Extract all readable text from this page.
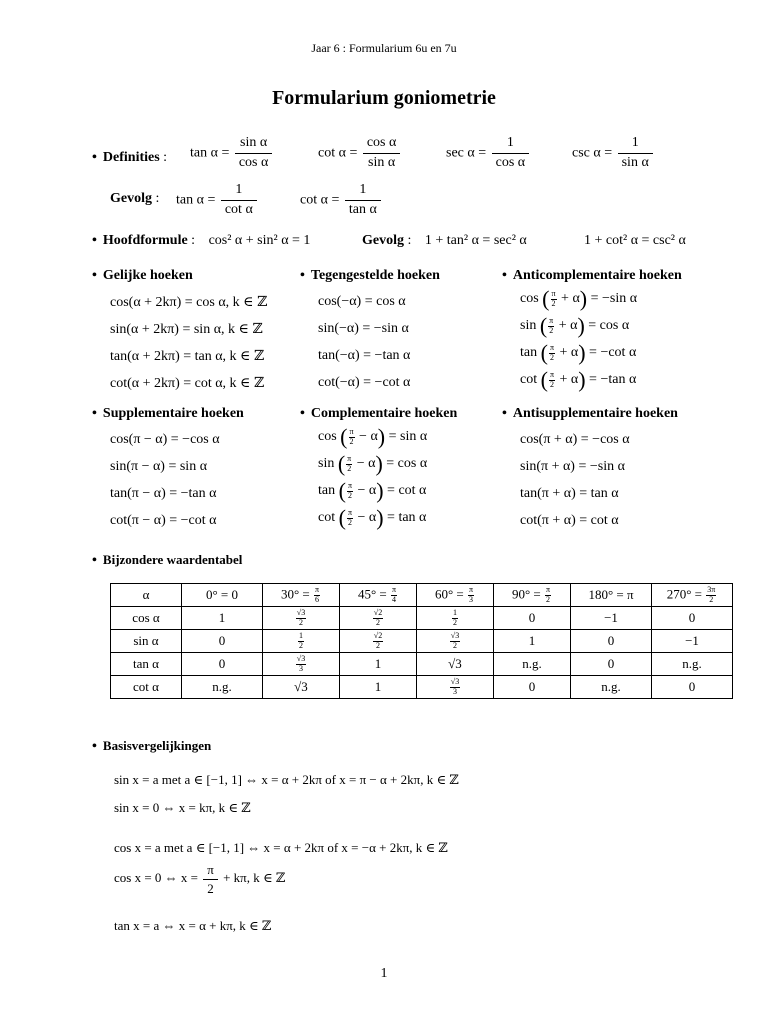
Jaar 6 : Formularium 6u en 7u
Formularium goniometrie
• Definities : $\tan \alpha = \frac{\text{sin α}}{\text{cos α}}$	$\cot \alpha = \frac{\text{cos α}}{\text{sin α}}$	$\sec \alpha = \frac{1}{\text{cos α}}$	$\csc \alpha = \frac{1}{\text{sin α}}$
Gevolg : $\tan \alpha = \frac{1}{\text{cot α}}$	$\cot \alpha = \frac{1}{\text{tan α}}$
• Hoofdformule : cos² α + sin² α = 1	Gevolg : 1 + tan² α = sec² α	1 + cot² α = csc² α
• Gelijke hoeken
cos(α + 2kπ) = cos α, k ∈ ℤ
sin(α + 2kπ) = sin α, k ∈ ℤ
tan(α + 2kπ) = tan α, k ∈ ℤ
cot(α + 2kπ) = cot α, k ∈ ℤ
• Tegengestelde hoeken
cos(−α) = cos α
sin(−α) = −sin α
tan(−α) = −tan α
cot(−α) = −cot α
• Anticomplementaire hoeken
cos ( $\frac{\pi}{2} + \alpha) = -\sin$ α
sin ( $\frac{\pi}{2} + \alpha) = \cos \alpha$
tan ( $\frac{\pi}{2} + \alpha) = -\cot$ α
cot ( $\frac{\pi}{2} + \alpha) = -\tan$ α
• Supplementaire hoeken
cos(π − α) = −cos α
sin(π − α) = sin α
tan(π − α) = −tan α
cot(π − α) = −cot α
• Complementaire hoeken
cos ( $\frac{\pi}{2} - \alpha) = \sin \alpha$
sin ( $\frac{\pi}{2} - \alpha) = \cos \alpha$
tan ( $\frac{\pi}{2} - \alpha) = \cot \alpha$
cot ( $\frac{\pi}{2} - \alpha) = \tan \alpha$
• Antisupplementaire hoeken
cos(π + α) = −cos α
sin(π + α) = −sin α
tan(π + α) = tan α
cot(π + α) = cot α
• Bijzondere waardentabel
α	0° = 0	$30^\circ = \frac{\pi}{6}$	$45^\circ = \frac{\pi}{4}$	$60^\circ = \frac{\pi}{3}$	$90^\circ = \frac{\pi}{2}$	180° = π	$270^\circ = \frac{3\pi}{2}$

cos α	1	$\frac{√3}{2}$	$\frac{√2}{2}$	$\frac{1}{2}$	0	−1	0
sin α	0	$\frac{1}{2}$	$\frac{√2}{2}$	$\frac{√3}{2}$	1	0	−1
tan α	0	$\frac{√3}{3}$	1	√3	n.g.	0	n.g.
cot α	n.g.	√3	1	$\frac{√3}{3}$	0	n.g.	0
• Basisvergelijkingen
sin x = a met a ∈ [−1, 1] ⇔ x = α + 2kπ of x = π − α + 2kπ, k ∈ ℤ
sin x = 0 ⇔ x = kπ, k ∈ ℤ
cos x = a met a ∈ [−1, 1] ⇔ x = α + 2kπ of x = −α + 2kπ, k ∈ ℤ
cos x = 0 ⇔ $x = \frac{\pi}{2} + k\pi$, k ∈ ℤ
tan x = a ⇔ x = α + kπ, k ∈ ℤ
1
